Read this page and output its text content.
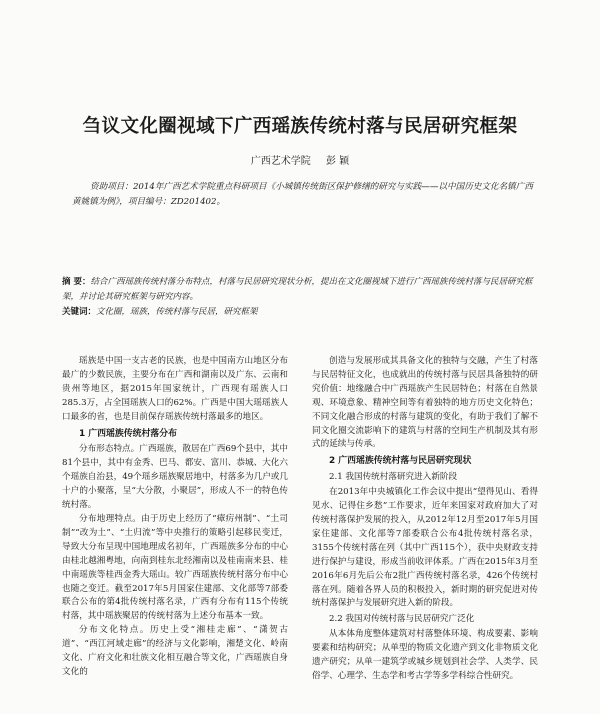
刍议文化圈视域下广西瑶族传统村落与民居研究框架
广西艺术学院 彭 颖
资助项目：2014年广西艺术学院重点科研项目《小城镇传统街区保护修缮的研究与实践——以中国历史文化名镇广西黄姚镇为例》，项目编号：ZD201402。
摘 要：结合广西瑶族传统村落分布特点，村落与民居研究现状分析，提出在文化圈视域下进行广西瑶族传统村落与民居研究框架，并讨论其研究框架与研究内容。
关键词：文化圈，瑶族，传统村落与民居，研究框架

瑶族是中国一支古老的民族，也是中国南方山地区分布最广的少数民族，主要分布在广西和湖南以及广东、云南和贵州等地区，据2015年国家统计，广西现有瑶族人口285.3万，占全国瑶族人口的62%。广西是中国大瑶瑶族人口最多的省，也是目前保存瑶族传统村落最多的地区。

1 广西瑶族传统村落分布

分布形态特点。广西瑶族，散居在广西69个县中，其中81个县中，其中有金秀、巴马、都安、富川、恭城、大化六个瑶族自治县，49个瑶乡瑶族聚居地中，村落多为几户或几十户的小聚落，呈“大分散，小聚居”，形成人不一的特色传统村落。

分布地理特点。由于历史上经历了“瘴疠州制”、“土司制”“改为土”、“土归流”等中央推行的策略引起移民变迁，导致大分布呈现中国地理成名初年，广西瑶族多分布的中心由桂北越湘粤地，向南到桂东北经湘南以及桂南南来县、桂中南瑶族等桂西金秀大瑶山。较广西瑶族传统村落分布中心也随之变迁。截至2017年5月国家住建部、文化部等7部委联合公布的第4批传统村落名录，广西有分布有115个传统村落，其中瑶族聚居的传统村落为上述分布基本一致。

分布文化特点。历史上受“湘桂走廊”、“潇贺古道”、“西江河域走廊”的经济与文化影响，湘楚文化、岭南文化、广府文化和壮族文化相互融合等文化，广西瑶族自身文化的

创造与发展形成其具备文化的独特与交融，产生了村落与民居特征文化，也成就出的传统村落与民居具备独特的研究价值：地缘融合中广西瑶族产生民居特色；村落在自然景观、环境意象、精神空间等有着独特的地方历史文化特色；不同文化融合形成的村落与建筑的变化，有助于我们了解不同文化圈交流影响下的建筑与村落的空间生产机制及其有形式的延续与传承。

2 广西瑶族传统村落与民居研究现状
2.1 我国传统村落研究进入新阶段

在2013年中央城镇化工作会议中提出“望得见山、看得见水、记得住乡愁”工作要求，近年来国家对政府加大了对传统村落保护发展的投入，从2012年12月至2017年5月国家住建部、文化部等7部委联合公布4批传统村落名录，3155个传统村落在列（其中广西115个），获中央财政支持进行保护与建设，形成当前收评体系。广西在2015年3月至2016年6月先后公布2批广西传统村落名录，426个传统村落在列。随着各界人员的积极投入，新时期的研究促进对传统村落保护与发展研究进入新的阶段。

2.2 我国对传统村落与民居研究广泛化

从本体角度整体建筑对村落整体环境、构成要素、影响要素和结构研究；从单型的物质文化遗产到文化非物质文化遗产研究；从单一建筑学或城乡规划到社会学、人类学、民俗学、心理学、生态学和考古学等多学科综合性研究。
